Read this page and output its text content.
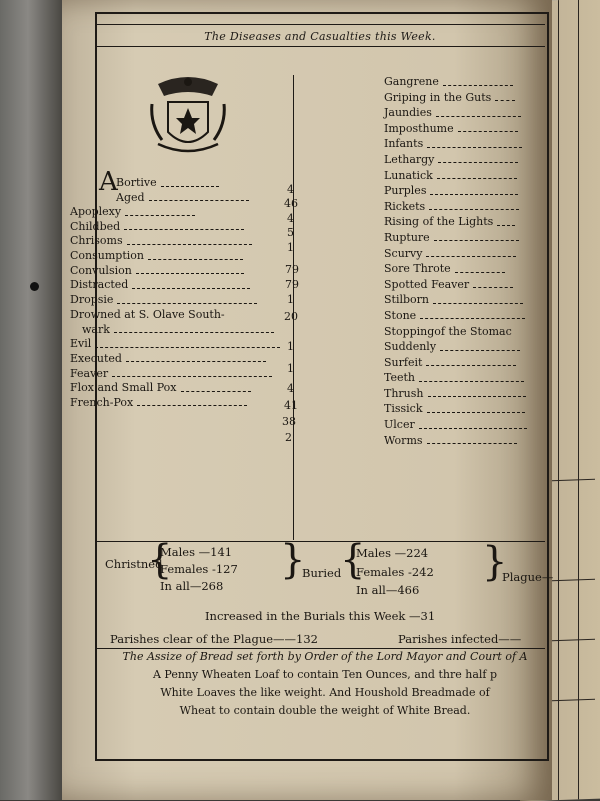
The Diseases and Casualties this Week.
A
Bortive
Aged
Apoplexy
Childbed
Chrisoms
Consumption
Convulsion
Distracted
Dropsie
Drowned at S. Olave South-
wark
Evil
Executed
Feaver
Flox and Small Pox
French-Pox
4
46
4
5
1
79
79
1
20
1
1
4
41
38
2
Gangrene
Griping in the Guts
Jaundies
Imposthume
Infants
Lethargy
Lunatick
Purples
Rickets
Rising of the Lights
Rupture
Scurvy
Sore Throte
Spotted Feaver
Stilborn
Stone
Stoppingof the Stomac
Suddenly
Surfeit
Teeth
Thrush
Tissick
Ulcer
Worms
Christned
{
Males —141
Females -127
In all—268
}
Buried
{
Males —224
Females -242
In all—466
}
Plague—
Increased in the Burials this Week —31
Parishes clear of the Plague——132	Parishes infected——
The Assize of Bread set forth by Order of the Lord Mayor and Court of A
A Penny Wheaten Loaf to contain Ten Ounces, and thre half p
White Loaves the like weight. And Houshold Breadmade of
Wheat to contain double the weight of White Bread.
